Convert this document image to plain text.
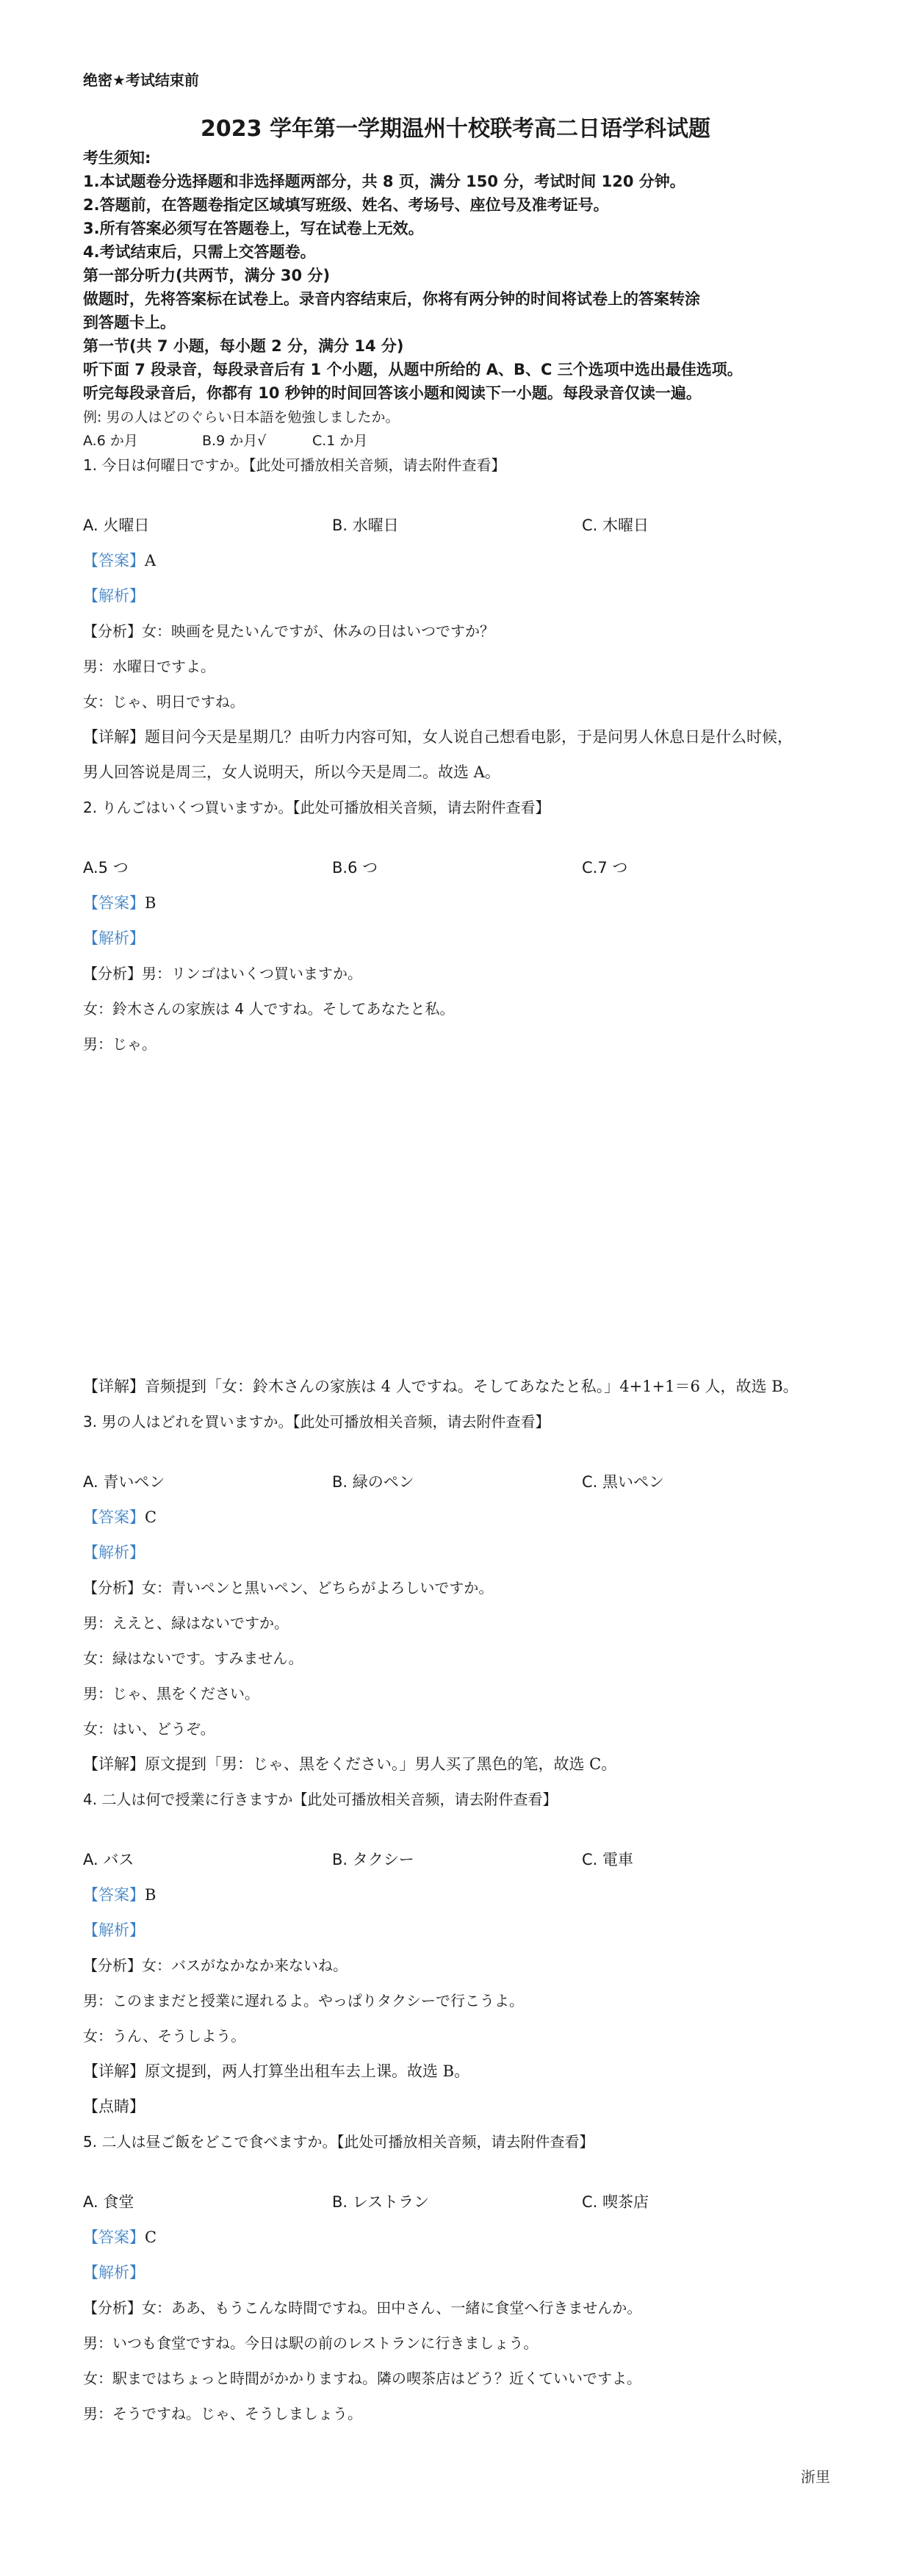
绝密★考试结束前
2023 学年第一学期温州十校联考高二日语学科试题
考生须知:
1.本试题卷分选择题和非选择题两部分，共 8 页，满分 150 分，考试时间 120 分钟。
2.答题前，在答题卷指定区域填写班级、姓名、考场号、座位号及准考证号。
3.所有答案必须写在答题卷上，写在试卷上无效。
4.考试结束后，只需上交答题卷。
第一部分听力(共两节，满分 30 分)
做题时，先将答案标在试卷上。录音内容结束后，你将有两分钟的时间将试卷上的答案转涂
到答题卡上。
第一节(共 7 小题，每小题 2 分，满分 14 分)
听下面 7 段录音，每段录音后有 1 个小题，从题中所给的 A、B、C 三个选项中选出最佳选项。
听完每段录音后，你都有 10 秒钟的时间回答该小题和阅读下一小题。每段录音仅读一遍。
例: 男の人はどのぐらい日本語を勉強しましたか。
A.6 か月	B.9 か月√	C.1 か月
1. 今日は何曜日ですか。【此处可播放相关音频，请去附件查看】
A. 火曜日	B. 水曜日	C. 木曜日
【答案】A
【解析】
【分析】女：映画を見たいんですが、休みの日はいつですか？
男：水曜日ですよ。
女：じゃ、明日ですね。
【详解】题目问今天是星期几？由听力内容可知，女人说自己想看电影，于是问男人休息日是什么时候，
男人回答说是周三，女人说明天，所以今天是周二。故选 A。
2. りんごはいくつ買いますか。【此处可播放相关音频，请去附件查看】
A.5 つ	B.6 つ	C.7 つ
【答案】B
【解析】
【分析】男：リンゴはいくつ買いますか。
女：鈴木さんの家族は 4 人ですね。そしてあなたと私。
男：じゃ。
【详解】音频提到「女：鈴木さんの家族は 4 人ですね。そしてあなたと私。」4+1+1＝6 人，故选 B。
3. 男の人はどれを買いますか。【此处可播放相关音频，请去附件查看】
A. 青いペン	B. 緑のペン	C. 黒いペン
【答案】C
【解析】
【分析】女：青いペンと黒いペン、どちらがよろしいですか。
男：ええと、緑はないですか。
女：緑はないです。すみません。
男：じゃ、黒をください。
女：はい、どうぞ。
【详解】原文提到「男：じゃ、黒をください。」男人买了黑色的笔，故选 C。
4. 二人は何で授業に行きますか【此处可播放相关音频，请去附件查看】
A. バス	B. タクシー	C. 電車
【答案】B
【解析】
【分析】女：バスがなかなか来ないね。
男：このままだと授業に遅れるよ。やっぱりタクシーで行こうよ。
女：うん、そうしよう。
【详解】原文提到，两人打算坐出租车去上课。故选 B。
【点睛】
5. 二人は昼ご飯をどこで食べますか。【此处可播放相关音频，请去附件查看】
A. 食堂	B. レストラン	C. 喫茶店
【答案】C
【解析】
【分析】女：ああ、もうこんな時間ですね。田中さん、一緒に食堂へ行きませんか。
男：いつも食堂ですね。今日は駅の前のレストランに行きましょう。
女：駅まではちょっと時間がかかりますね。隣の喫茶店はどう？近くていいですよ。
男：そうですね。じゃ、そうしましょう。
浙里
